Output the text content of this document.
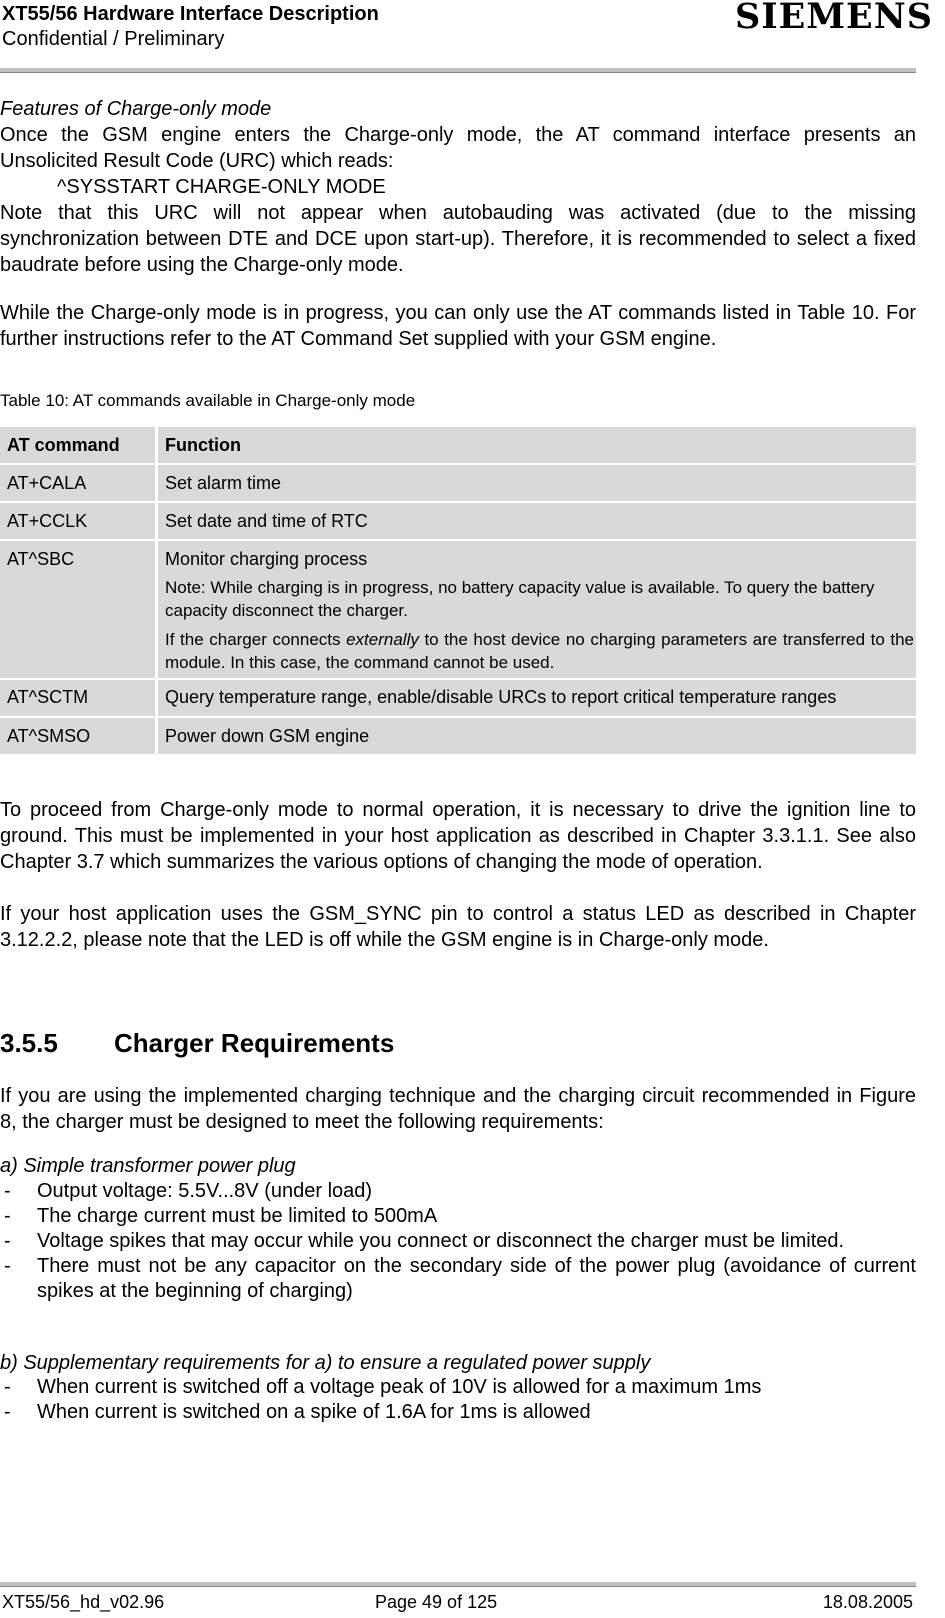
XT55/56 Hardware Interface Description
Confidential / Preliminary
SIEMENS
Features of Charge-only mode
Once the GSM engine enters the Charge-only mode, the AT command interface presents an Unsolicited Result Code (URC) which reads:
^SYSSTART CHARGE-ONLY MODE
Note that this URC will not appear when autobauding was activated (due to the missing synchronization between DTE and DCE upon start-up). Therefore, it is recommended to select a fixed baudrate before using the Charge-only mode.
While the Charge-only mode is in progress, you can only use the AT commands listed in Table 10. For further instructions refer to the AT Command Set supplied with your GSM engine.
Table 10: AT commands available in Charge-only mode
AT command	Function
AT+CALA	Set alarm time
AT+CCLK	Set date and time of RTC
AT^SBC	Monitor charging process
Note: While charging is in progress, no battery capacity value is available. To query the battery capacity disconnect the charger.
If the charger connects externally to the host device no charging parameters are transferred to the module. In this case, the command cannot be used.

AT^SCTM	Query temperature range, enable/disable URCs to report critical temperature ranges
AT^SMSO	Power down GSM engine
To proceed from Charge-only mode to normal operation, it is necessary to drive the ignition line to ground. This must be implemented in your host application as described in Chapter 3.3.1.1. See also Chapter 3.7 which summarizes the various options of changing the mode of operation.
If your host application uses the GSM_SYNC pin to control a status LED as described in Chapter 3.12.2.2, please note that the LED is off while the GSM engine is in Charge-only mode.
3.5.5 Charger Requirements
If you are using the implemented charging technique and the charging circuit recommended in Figure 8, the charger must be designed to meet the following requirements:
a) Simple transformer power plug
- Output voltage: 5.5V...8V (under load)
- The charge current must be limited to 500mA
- Voltage spikes that may occur while you connect or disconnect the charger must be limited.
- There must not be any capacitor on the secondary side of the power plug (avoidance of current spikes at the beginning of charging)
b) Supplementary requirements for a) to ensure a regulated power supply
- When current is switched off a voltage peak of 10V is allowed for a maximum 1ms
- When current is switched on a spike of 1.6A for 1ms is allowed
XT55/56_hd_v02.96	Page 49 of 125	18.08.2005
